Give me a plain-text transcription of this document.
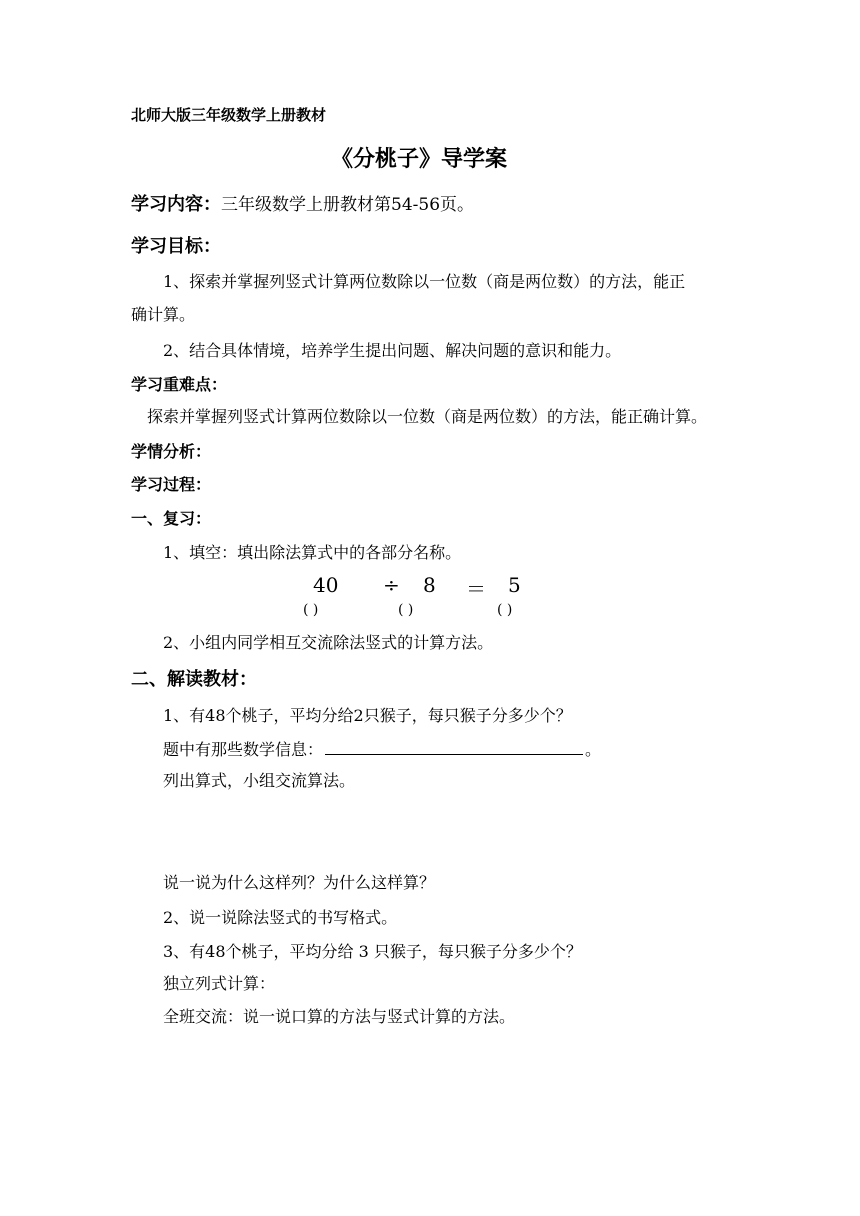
北师大版三年级数学上册教材
《分桃子》导学案
学习内容：三年级数学上册教材第54-56页。
学习目标：
1、探索并掌握列竖式计算两位数除以一位数（商是两位数）的方法，能正
确计算。
2、结合具体情境，培养学生提出问题、解决问题的意识和能力。
学习重难点：
探索并掌握列竖式计算两位数除以一位数（商是两位数）的方法，能正确计算。
学情分析：
学习过程：
一、复习：
1、填空：填出除法算式中的各部分名称。
40 ÷ 8 ＝ 5
( )	( )	( )
2、小组内同学相互交流除法竖式的计算方法。
二、解读教材：
1、有48个桃子，平均分给2只猴子，每只猴子分多少个？
题中有那些数学信息：	。
列出算式，小组交流算法。
说一说为什么这样列？为什么这样算？
2、说一说除法竖式的书写格式。
3、有48个桃子，平均分给 3 只猴子，每只猴子分多少个？
独立列式计算：
全班交流：说一说口算的方法与竖式计算的方法。
